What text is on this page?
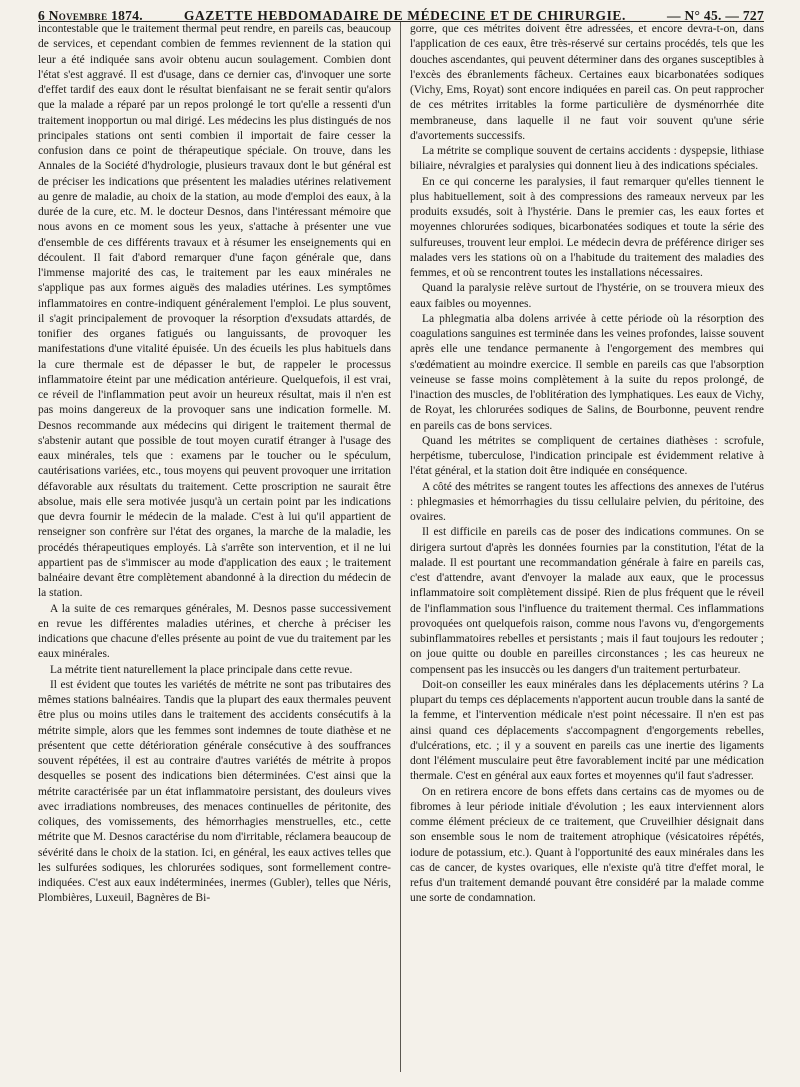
6 Novembre 1874.	GAZETTE HEBDOMADAIRE DE MÉDECINE ET DE CHIRURGIE.	— N° 45. — 727

incontestable que le traitement thermal peut rendre, en pareils cas, beaucoup de services, et cependant combien de femmes reviennent de la station qui leur a été indiquée sans avoir obtenu aucun soulagement. Combien dont l'état s'est aggravé. Il est d'usage, dans ce dernier cas, d'invoquer une sorte d'effet tardif des eaux dont le résultat bienfaisant ne se ferait sentir qu'alors que la malade a réparé par un repos prolongé le tort qu'elle a ressenti d'un traitement inopportun ou mal dirigé. Les médecins les plus distingués de nos principales stations ont senti combien il importait de faire cesser la confusion dans ce point de thérapeutique spéciale. On trouve, dans les Annales de la Société d'hydrologie, plusieurs travaux dont le but général est de préciser les indications que présentent les maladies utérines relativement au genre de maladie, au choix de la station, au mode d'emploi des eaux, à la durée de la cure, etc. M. le docteur Desnos, dans l'intéressant mémoire que nous avons en ce moment sous les yeux, s'attache à présenter une vue d'ensemble de ces différents travaux et à résumer les enseignements qui en découlent. Il fait d'abord remarquer d'une façon générale que, dans l'immense majorité des cas, le traitement par les eaux minérales ne s'applique pas aux formes aiguës des maladies utérines. Les symptômes inflammatoires en contre-indiquent généralement l'emploi. Le plus souvent, il s'agit principalement de provoquer la résorption d'exsudats attardés, de tonifier des organes fatigués ou languissants, de provoquer les manifestations d'une vitalité épuisée. Un des écueils les plus habituels dans la cure thermale est de dépasser le but, de rappeler le processus inflammatoire éteint par une médication antérieure. Quelquefois, il est vrai, ce réveil de l'inflammation peut avoir un heureux résultat, mais il n'en est pas moins dangereux de la provoquer sans une indication formelle. M. Desnos recommande aux médecins qui dirigent le traitement thermal de s'abstenir autant que possible de tout moyen curatif étranger à l'usage des eaux minérales, tels que : examens par le toucher ou le spéculum, cautérisations variées, etc., tous moyens qui peuvent provoquer une irritation défavorable aux résultats du traitement. Cette proscription ne saurait être absolue, mais elle sera motivée jusqu'à un certain point par les indications que devra fournir le médecin de la malade. C'est à lui qu'il appartient de renseigner son confrère sur l'état des organes, la marche de la maladie, les procédés thérapeutiques employés. Là s'arrête son intervention, et il ne lui appartient pas de s'immiscer au mode d'application des eaux ; le traitement balnéaire devant être complètement abandonné à la direction du médecin de la station.

A la suite de ces remarques générales, M. Desnos passe successivement en revue les différentes maladies utérines, et cherche à préciser les indications que chacune d'elles présente au point de vue du traitement par les eaux minérales.

La métrite tient naturellement la place principale dans cette revue.

Il est évident que toutes les variétés de métrite ne sont pas tributaires des mêmes stations balnéaires. Tandis que la plupart des eaux thermales peuvent être plus ou moins utiles dans le traitement des accidents consécutifs à la métrite simple, alors que les femmes sont indemnes de toute diathèse et ne présentent que cette détérioration générale consécutive à des souffrances souvent répétées, il est au contraire d'autres variétés de métrite à propos desquelles se posent des indications bien déterminées. C'est ainsi que la métrite caractérisée par un état inflammatoire persistant, des douleurs vives avec irradiations nombreuses, des menaces continuelles de péritonite, des coliques, des vomissements, des hémorrhagies menstruelles, etc., cette métrite que M. Desnos caractérise du nom d'irritable, réclamera beaucoup de sévérité dans le choix de la station. Ici, en général, les eaux actives telles que les sulfurées sodiques, les chlorurées sodiques, sont formellement contre-indiquées. C'est aux eaux indéterminées, inermes (Gubler), telles que Néris, Plombières, Luxeuil, Bagnères de Bi-

gorre, que ces métrites doivent être adressées, et encore devra-t-on, dans l'application de ces eaux, être très-réservé sur certains procédés, tels que les douches ascendantes, qui peuvent déterminer dans des organes susceptibles à l'excès des ébranlements fâcheux. Certaines eaux bicarbonatées sodiques (Vichy, Ems, Royat) sont encore indiquées en pareil cas. On peut rapprocher de ces métrites irritables la forme particulière de dysménorrhée dite membraneuse, dans laquelle il ne faut voir souvent qu'une série d'avortements successifs.

La métrite se complique souvent de certains accidents : dyspepsie, lithiase biliaire, névralgies et paralysies qui donnent lieu à des indications spéciales.

En ce qui concerne les paralysies, il faut remarquer qu'elles tiennent le plus habituellement, soit à des compressions des rameaux nerveux par les produits exsudés, soit à l'hystérie. Dans le premier cas, les eaux fortes et moyennes chlorurées sodiques, bicarbonatées sodiques et toute la série des sulfureuses, trouvent leur emploi. Le médecin devra de préférence diriger ses malades vers les stations où on a l'habitude du traitement des maladies des femmes, et où se rencontrent toutes les installations nécessaires.

Quand la paralysie relève surtout de l'hystérie, on se trouvera mieux des eaux faibles ou moyennes.

La phlegmatia alba dolens arrivée à cette période où la résorption des coagulations sanguines est terminée dans les veines profondes, laisse souvent après elle une tendance permanente à l'engorgement des membres qui s'œdématient au moindre exercice. Il semble en pareils cas que l'absorption veineuse se fasse moins complètement à la suite du repos prolongé, de l'inaction des muscles, de l'oblitération des lymphatiques. Les eaux de Vichy, de Royat, les chlorurées sodiques de Salins, de Bourbonne, peuvent rendre en pareils cas de bons services.

Quand les métrites se compliquent de certaines diathèses : scrofule, herpétisme, tuberculose, l'indication principale est évidemment relative à l'état général, et la station doit être indiquée en conséquence.

A côté des métrites se rangent toutes les affections des annexes de l'utérus : phlegmasies et hémorrhagies du tissu cellulaire pelvien, du péritoine, des ovaires.

Il est difficile en pareils cas de poser des indications communes. On se dirigera surtout d'après les données fournies par la constitution, l'état de la malade. Il est pourtant une recommandation générale à faire en pareils cas, c'est d'attendre, avant d'envoyer la malade aux eaux, que le processus inflammatoire soit complètement dissipé. Rien de plus fréquent que le réveil de l'inflammation sous l'influence du traitement thermal. Ces inflammations provoquées ont quelquefois raison, comme nous l'avons vu, d'engorgements subinflammatoires rebelles et persistants ; mais il faut toujours les redouter ; on joue quitte ou double en pareilles circonstances ; les cas heureux ne compensent pas les insuccès ou les dangers d'un traitement perturbateur.

Doit-on conseiller les eaux minérales dans les déplacements utérins ? La plupart du temps ces déplacements n'apportent aucun trouble dans la santé de la femme, et l'intervention médicale n'est point nécessaire. Il n'en est pas ainsi quand ces déplacements s'accompagnent d'engorgements rebelles, d'ulcérations, etc. ; il y a souvent en pareils cas une inertie des ligaments dont l'élément musculaire peut être favorablement incité par une médication thermale. C'est en général aux eaux fortes et moyennes qu'il faut s'adresser.

On en retirera encore de bons effets dans certains cas de myomes ou de fibromes à leur période initiale d'évolution ; les eaux interviennent alors comme élément précieux de ce traitement, que Cruveilhier désignait dans son ensemble sous le nom de traitement atrophique (vésicatoires répétés, iodure de potassium, etc.). Quant à l'opportunité des eaux minérales dans les cas de cancer, de kystes ovariques, elle n'existe qu'à titre d'effet moral, le refus d'un traitement demandé pouvant être considéré par la malade comme une sorte de condamnation.
